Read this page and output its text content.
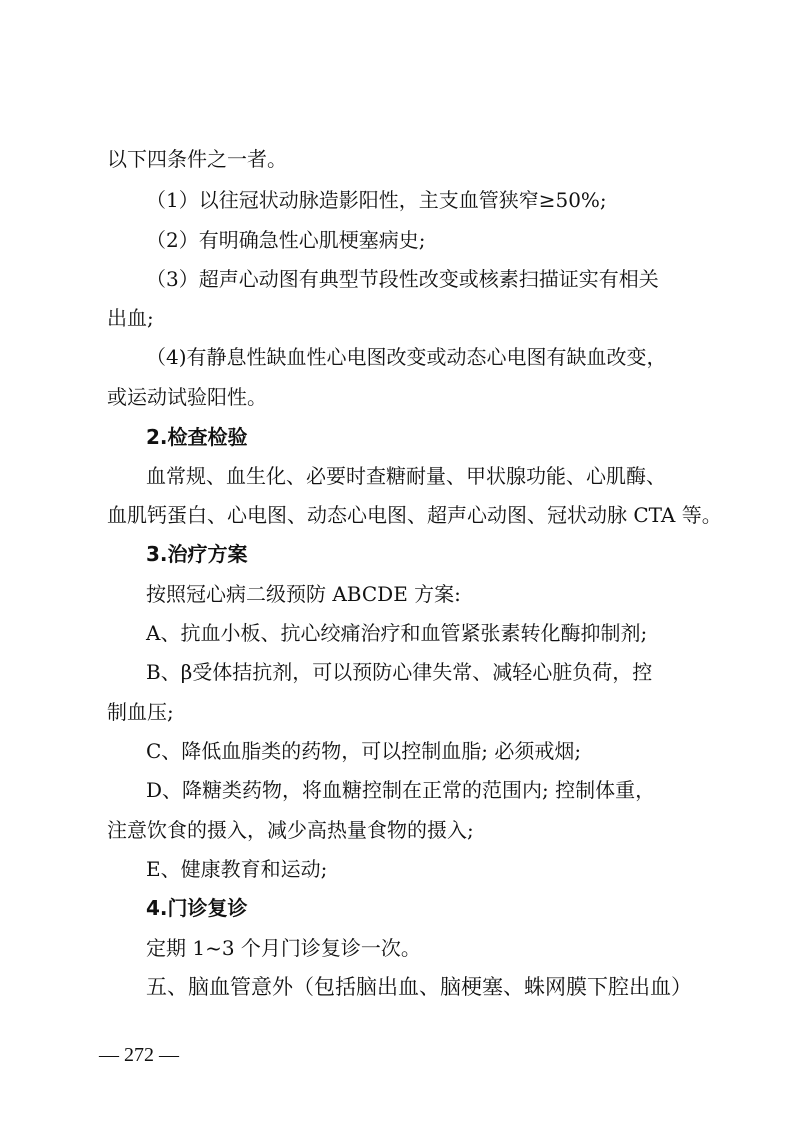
以下四条件之一者。
（1）以往冠状动脉造影阳性，主支血管狭窄≥50%;
（2）有明确急性心肌梗塞病史;
（3）超声心动图有典型节段性改变或核素扫描证实有相关
出血;
（4)有静息性缺血性心电图改变或动态心电图有缺血改变，
或运动试验阳性。
2.检查检验
血常规、血生化、必要时查糖耐量、甲状腺功能、心肌酶、
血肌钙蛋白、心电图、动态心电图、超声心动图、冠状动脉 CTA 等。
3.治疗方案
按照冠心病二级预防 ABCDE 方案:
A、抗血小板、抗心绞痛治疗和血管紧张素转化酶抑制剂;
B、β受体拮抗剂，可以预防心律失常、减轻心脏负荷，控
制血压;
C、降低血脂类的药物，可以控制血脂; 必须戒烟;
D、降糖类药物，将血糖控制在正常的范围内; 控制体重，
注意饮食的摄入，减少高热量食物的摄入;
E、健康教育和运动;
4.门诊复诊
定期 1~3 个月门诊复诊一次。
五、脑血管意外（包括脑出血、脑梗塞、蛛网膜下腔出血）
— 272 —
